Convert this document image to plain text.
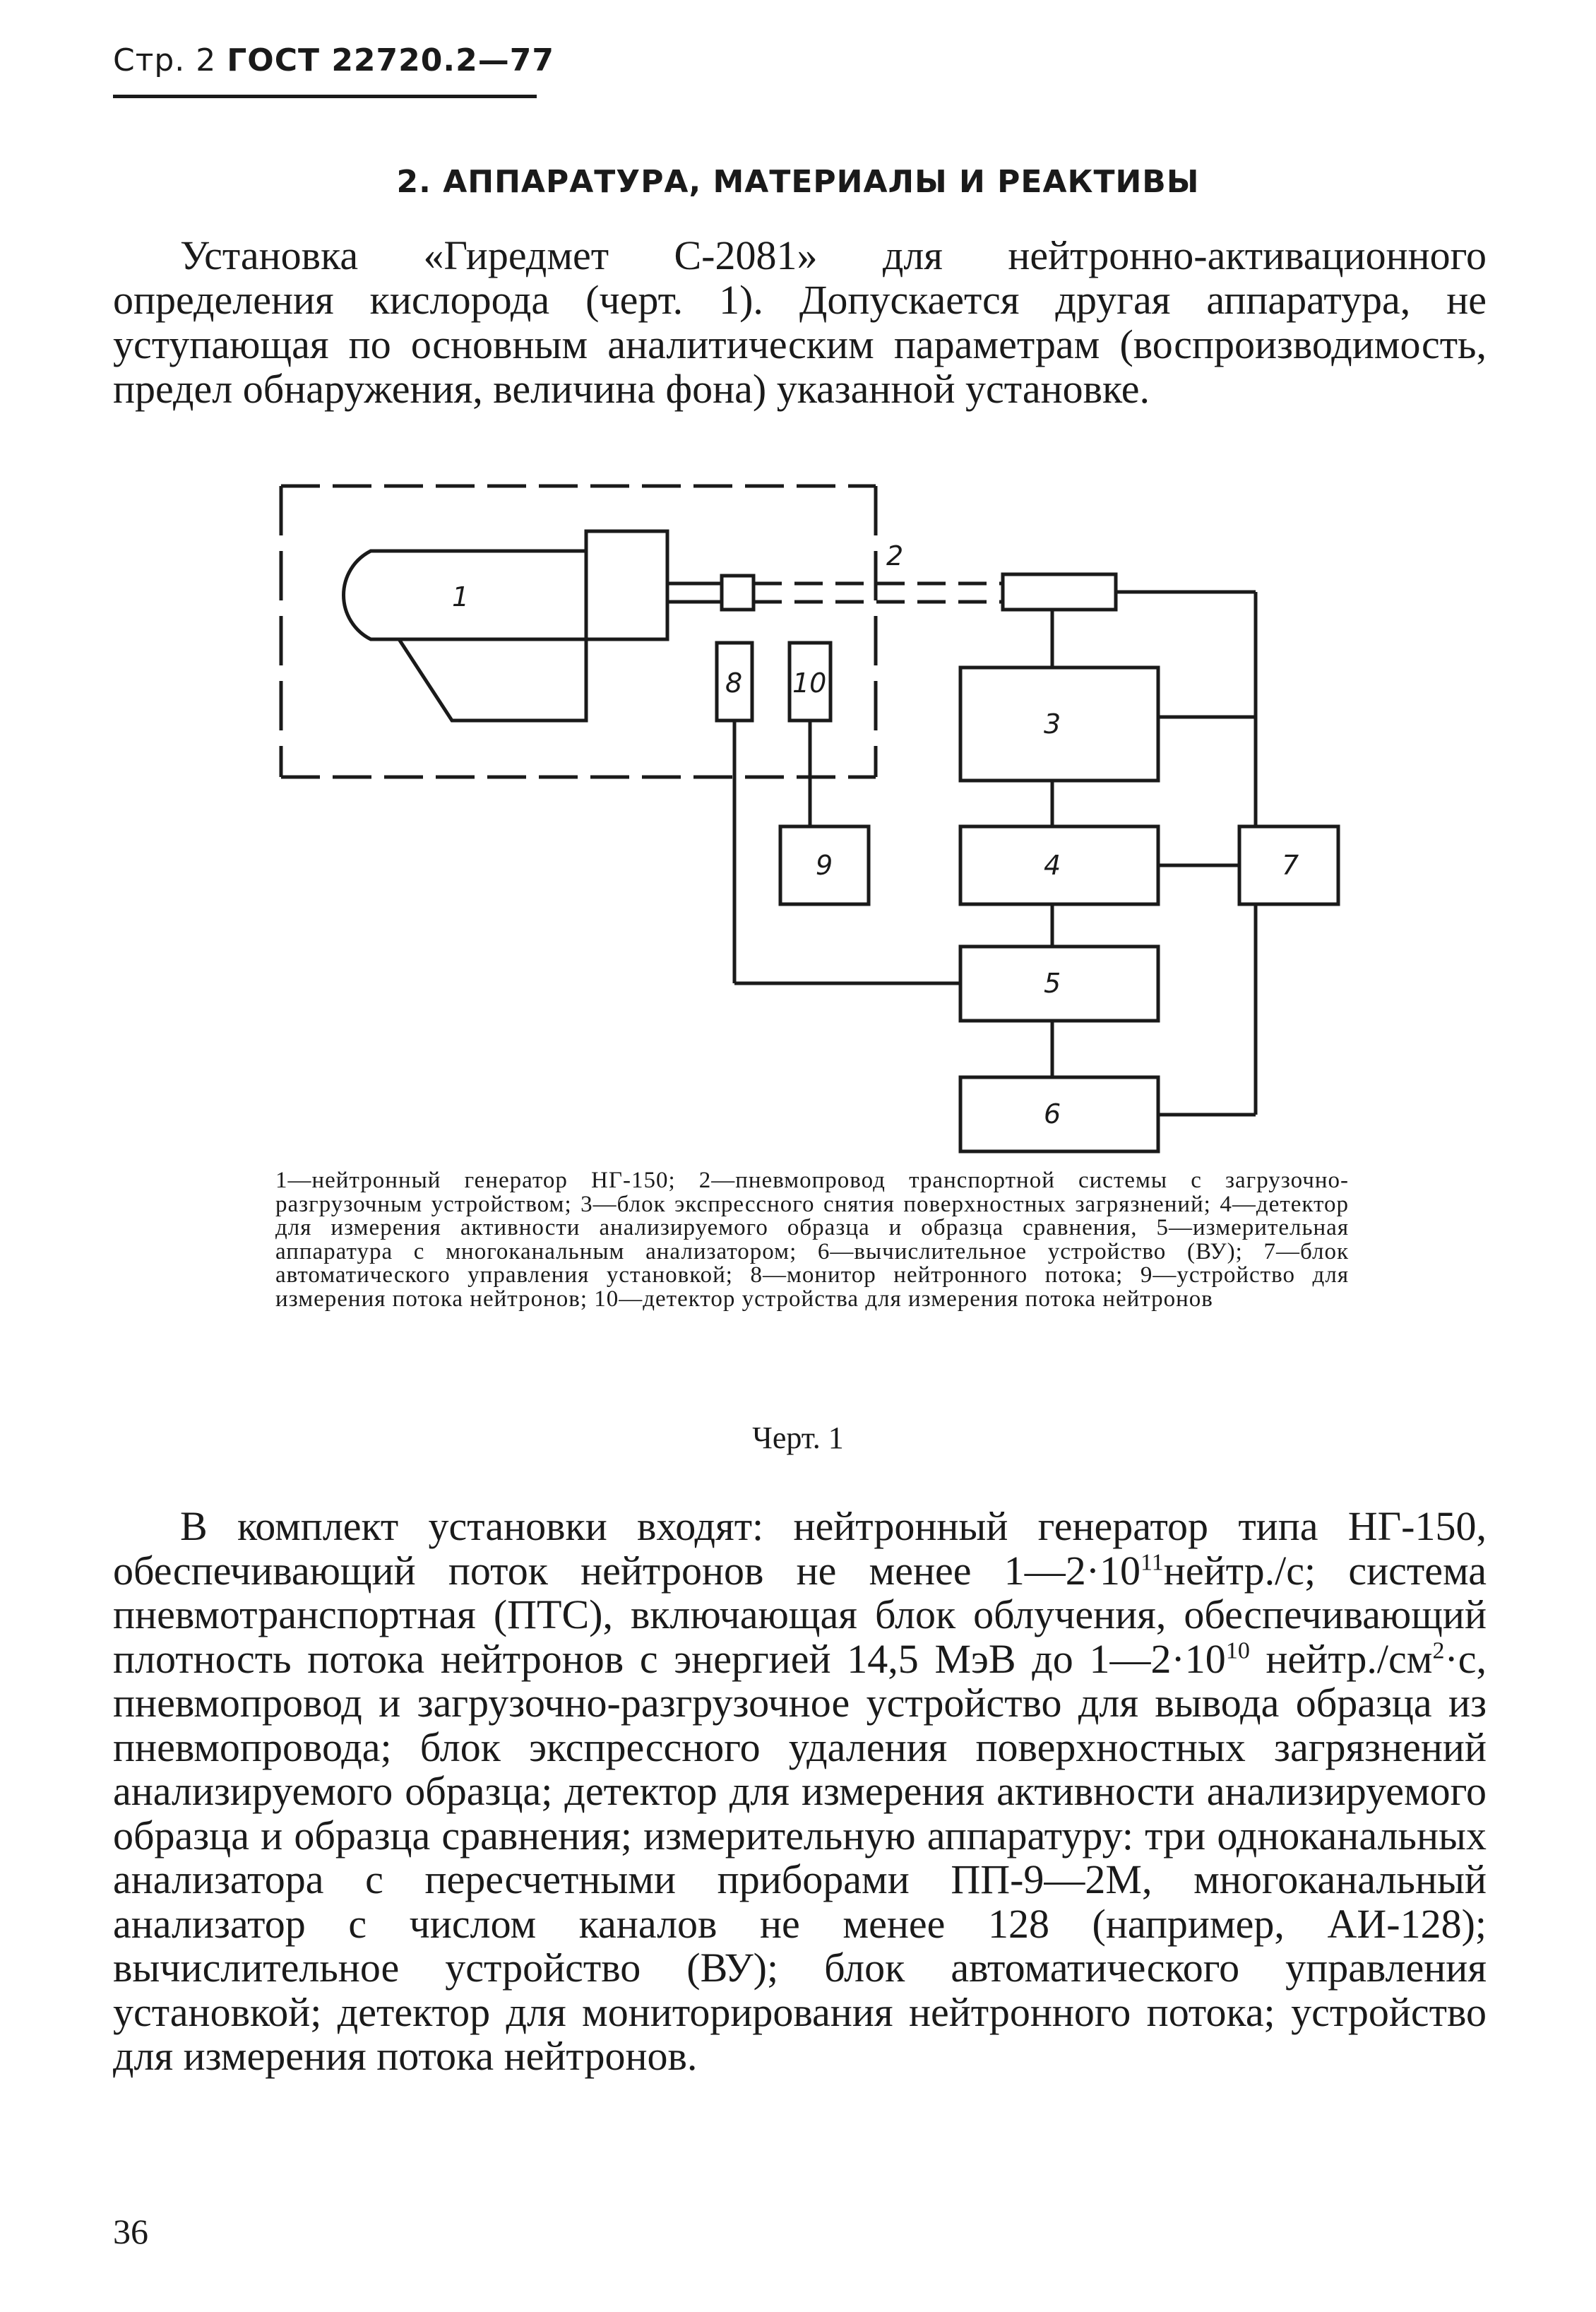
Стр. 2 ГОСТ 22720.2—77
2. АППАРАТУРА, МАТЕРИАЛЫ И РЕАКТИВЫ
Установка «Гиредмет С-2081» для нейтронно-активационного определения кислорода (черт. 1). Допускается другая аппаратура, не уступающая по основным аналитическим параметрам (воспроизводимость, предел обнаружения, величина фона) указанной установке.
1
2
3
4
5
6
7
8
9
10
1—нейтронный генератор НГ-150; 2—пневмопровод транспортной системы с загрузочно-разгрузочным устройством; 3—блок экспрессного снятия поверхностных загрязнений; 4—детектор для измерения активности анализируемого образца и образца сравнения, 5—измерительная аппаратура с многоканальным анализатором; 6—вычислительное устройство (ВУ); 7—блок автоматического управления установкой; 8—монитор нейтронного потока; 9—устройство для измерения потока нейтронов; 10—детектор устройства для измерения потока нейтронов
Черт. 1
В комплект установки входят: нейтронный генератор типа НГ-150, обеспечивающий поток нейтронов не менее $1—2\cdot 10^{11}нейтр./с$; система пневмотранспортная (ПТС), включающая блок облучения, обеспечивающий плотность потока нейтронов с энергией 14,5 МэВ до $1—2\cdot 10^{10}$ $нейтр./см^2\cdot с$, пневмопровод и загрузочно-разгрузочное устройство для вывода образца из пневмопровода; блок экспрессного удаления поверхностных загрязнений анализируемого образца; детектор для измерения активности анализируемого образца и образца сравнения; измерительную аппаратуру: три одноканальных анализатора с пересчетными приборами ПП-9—2М, многоканальный анализатор с числом каналов не менее 128 (например, АИ-128); вычислительное устройство (ВУ); блок автоматического управления установкой; детектор для мониторирования нейтронного потока; устройство для измерения потока нейтронов.
36
